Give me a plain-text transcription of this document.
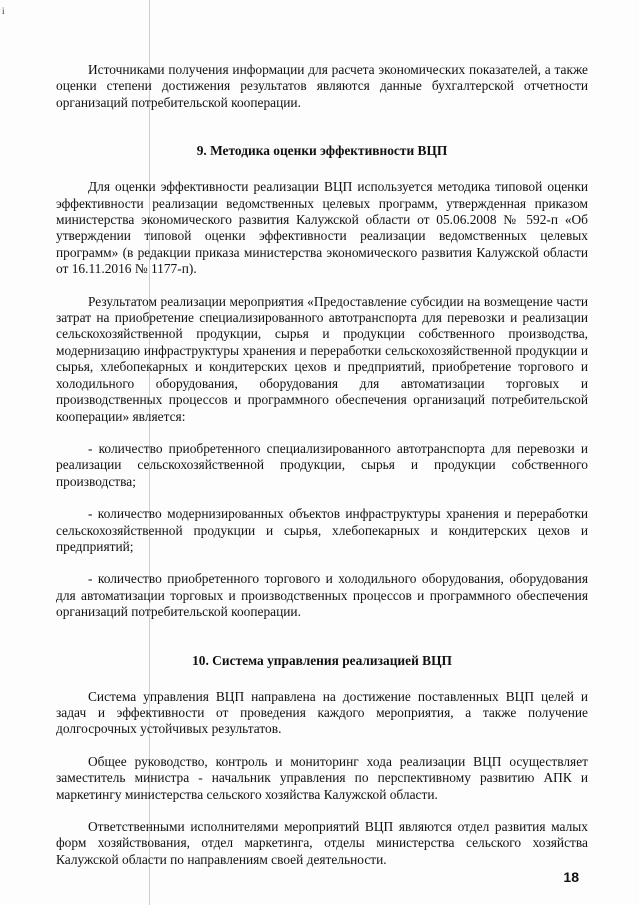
i

Источниками получения информации для расчета экономических показателей, а также оценки степени достижения результатов являются данные бухгалтерской отчетности организаций потребительской кооперации.

9. Методика оценки эффективности ВЦП

Для оценки эффективности реализации ВЦП используется методика типовой оценки эффективности реализации ведомственных целевых программ, утвержденная приказом министерства экономического развития Калужской области от 05.06.2008 № 592-п «Об утверждении типовой оценки эффективности реализации ведомственных целевых программ» (в редакции приказа министерства экономического развития Калужской области от 16.11.2016 № 1177-п).

Результатом реализации мероприятия «Предоставление субсидии на возмещение части затрат на приобретение специализированного автотранспорта для перевозки и реализации сельскохозяйственной продукции, сырья и продукции собственного производства, модернизацию инфраструктуры хранения и переработки сельскохозяйственной продукции и сырья, хлебопекарных и кондитерских цехов и предприятий, приобретение торгового и холодильного оборудования, оборудования для автоматизации торговых и производственных процессов и программного обеспечения организаций потребительской кооперации» является:

- количество приобретенного специализированного автотранспорта для перевозки и реализации сельскохозяйственной продукции, сырья и продукции собственного производства;

- количество модернизированных объектов инфраструктуры хранения и переработки сельскохозяйственной продукции и сырья, хлебопекарных и кондитерских цехов и предприятий;

- количество приобретенного торгового и холодильного оборудования, оборудования для автоматизации торговых и производственных процессов и программного обеспечения организаций потребительской кооперации.

10. Система управления реализацией ВЦП

Система управления ВЦП направлена на достижение поставленных ВЦП целей и задач и эффективности от проведения каждого мероприятия, а также получение долгосрочных устойчивых результатов.

Общее руководство, контроль и мониторинг хода реализации ВЦП осуществляет заместитель министра - начальник управления по перспективному развитию АПК и маркетингу министерства сельского хозяйства Калужской области.

Ответственными исполнителями мероприятий ВЦП являются отдел развития малых форм хозяйствования, отдел маркетинга, отделы министерства сельского хозяйства Калужской области по направлениям своей деятельности.

18
